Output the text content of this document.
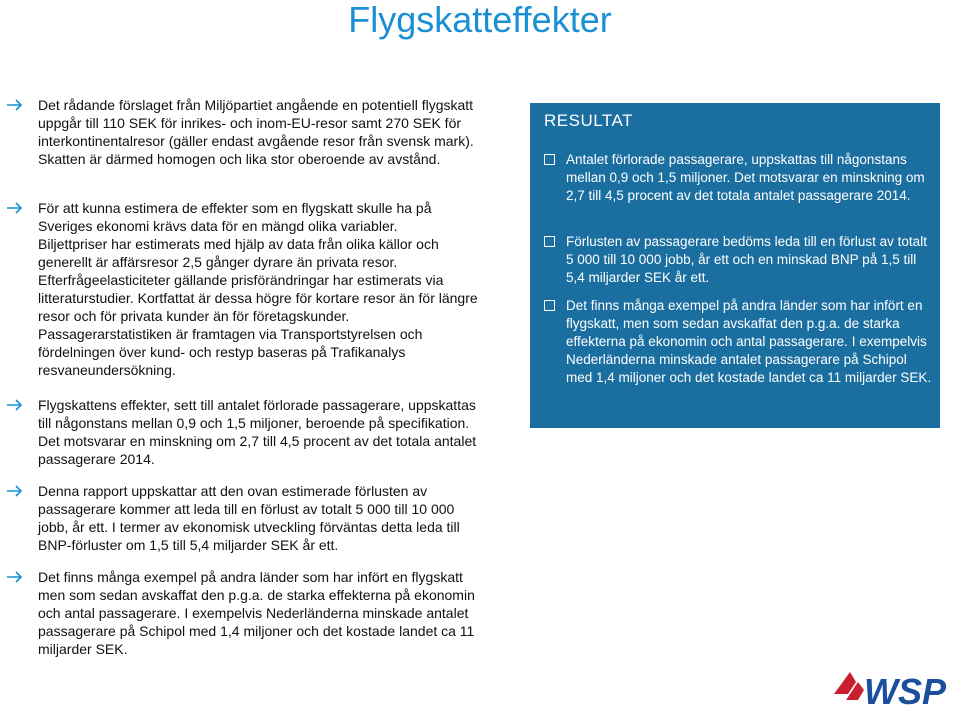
Flygskatteffekter

Det rådande förslaget från Miljöpartiet angående en potentiell flygskatt uppgår till 110 SEK för inrikes- och inom-EU-resor samt 270 SEK för interkontinentalresor (gäller endast avgående resor från svensk mark). Skatten är därmed homogen och lika stor oberoende av avstånd.

För att kunna estimera de effekter som en flygskatt skulle ha på Sveriges ekonomi krävs data för en mängd olika variabler.

Biljettpriser har estimerats med hjälp av data från olika källor och generellt är affärsresor 2,5 gånger dyrare än privata resor.

Efterfrågeelasticiteter gällande prisförändringar har estimerats via litteraturstudier. Kortfattat är dessa högre för kortare resor än för längre resor och för privata kunder än för företagskunder.

Passagerarstatistiken är framtagen via Transportstyrelsen och fördelningen över kund- och restyp baseras på Trafikanalys resvaneundersökning.

Flygskattens effekter, sett till antalet förlorade passagerare, uppskattas till någonstans mellan 0,9 och 1,5 miljoner, beroende på specifikation. Det motsvarar en minskning om 2,7 till 4,5 procent av det totala antalet passagerare 2014.

Denna rapport uppskattar att den ovan estimerade förlusten av passagerare kommer att leda till en förlust av totalt 5 000 till 10 000 jobb, år ett. I termer av ekonomisk utveckling förväntas detta leda till BNP-förluster om 1,5 till 5,4 miljarder SEK år ett.

Det finns många exempel på andra länder som har infört en flygskatt men som sedan avskaffat den p.g.a. de starka effekterna på ekonomin och antal passagerare. I exempelvis Nederländerna minskade antalet passagerare på Schipol med 1,4 miljoner och det kostade landet ca 11 miljarder SEK.

RESULTAT
Antalet förlorade passagerare, uppskattas till någonstans mellan 0,9 och 1,5 miljoner. Det motsvarar en minskning om 2,7 till 4,5 procent av det totala antalet passagerare 2014.
Förlusten av passagerare bedöms leda till en förlust av totalt 5 000 till 10 000 jobb, år ett och en minskad BNP på 1,5 till 5,4 miljarder SEK år ett.
Det finns många exempel på andra länder som har infört en flygskatt, men som sedan avskaffat den p.g.a. de starka effekterna på ekonomin och antal passagerare. I exempelvis Nederländerna minskade antalet passagerare på Schipol med 1,4 miljoner och det kostade landet ca 11 miljarder SEK.
WSP
